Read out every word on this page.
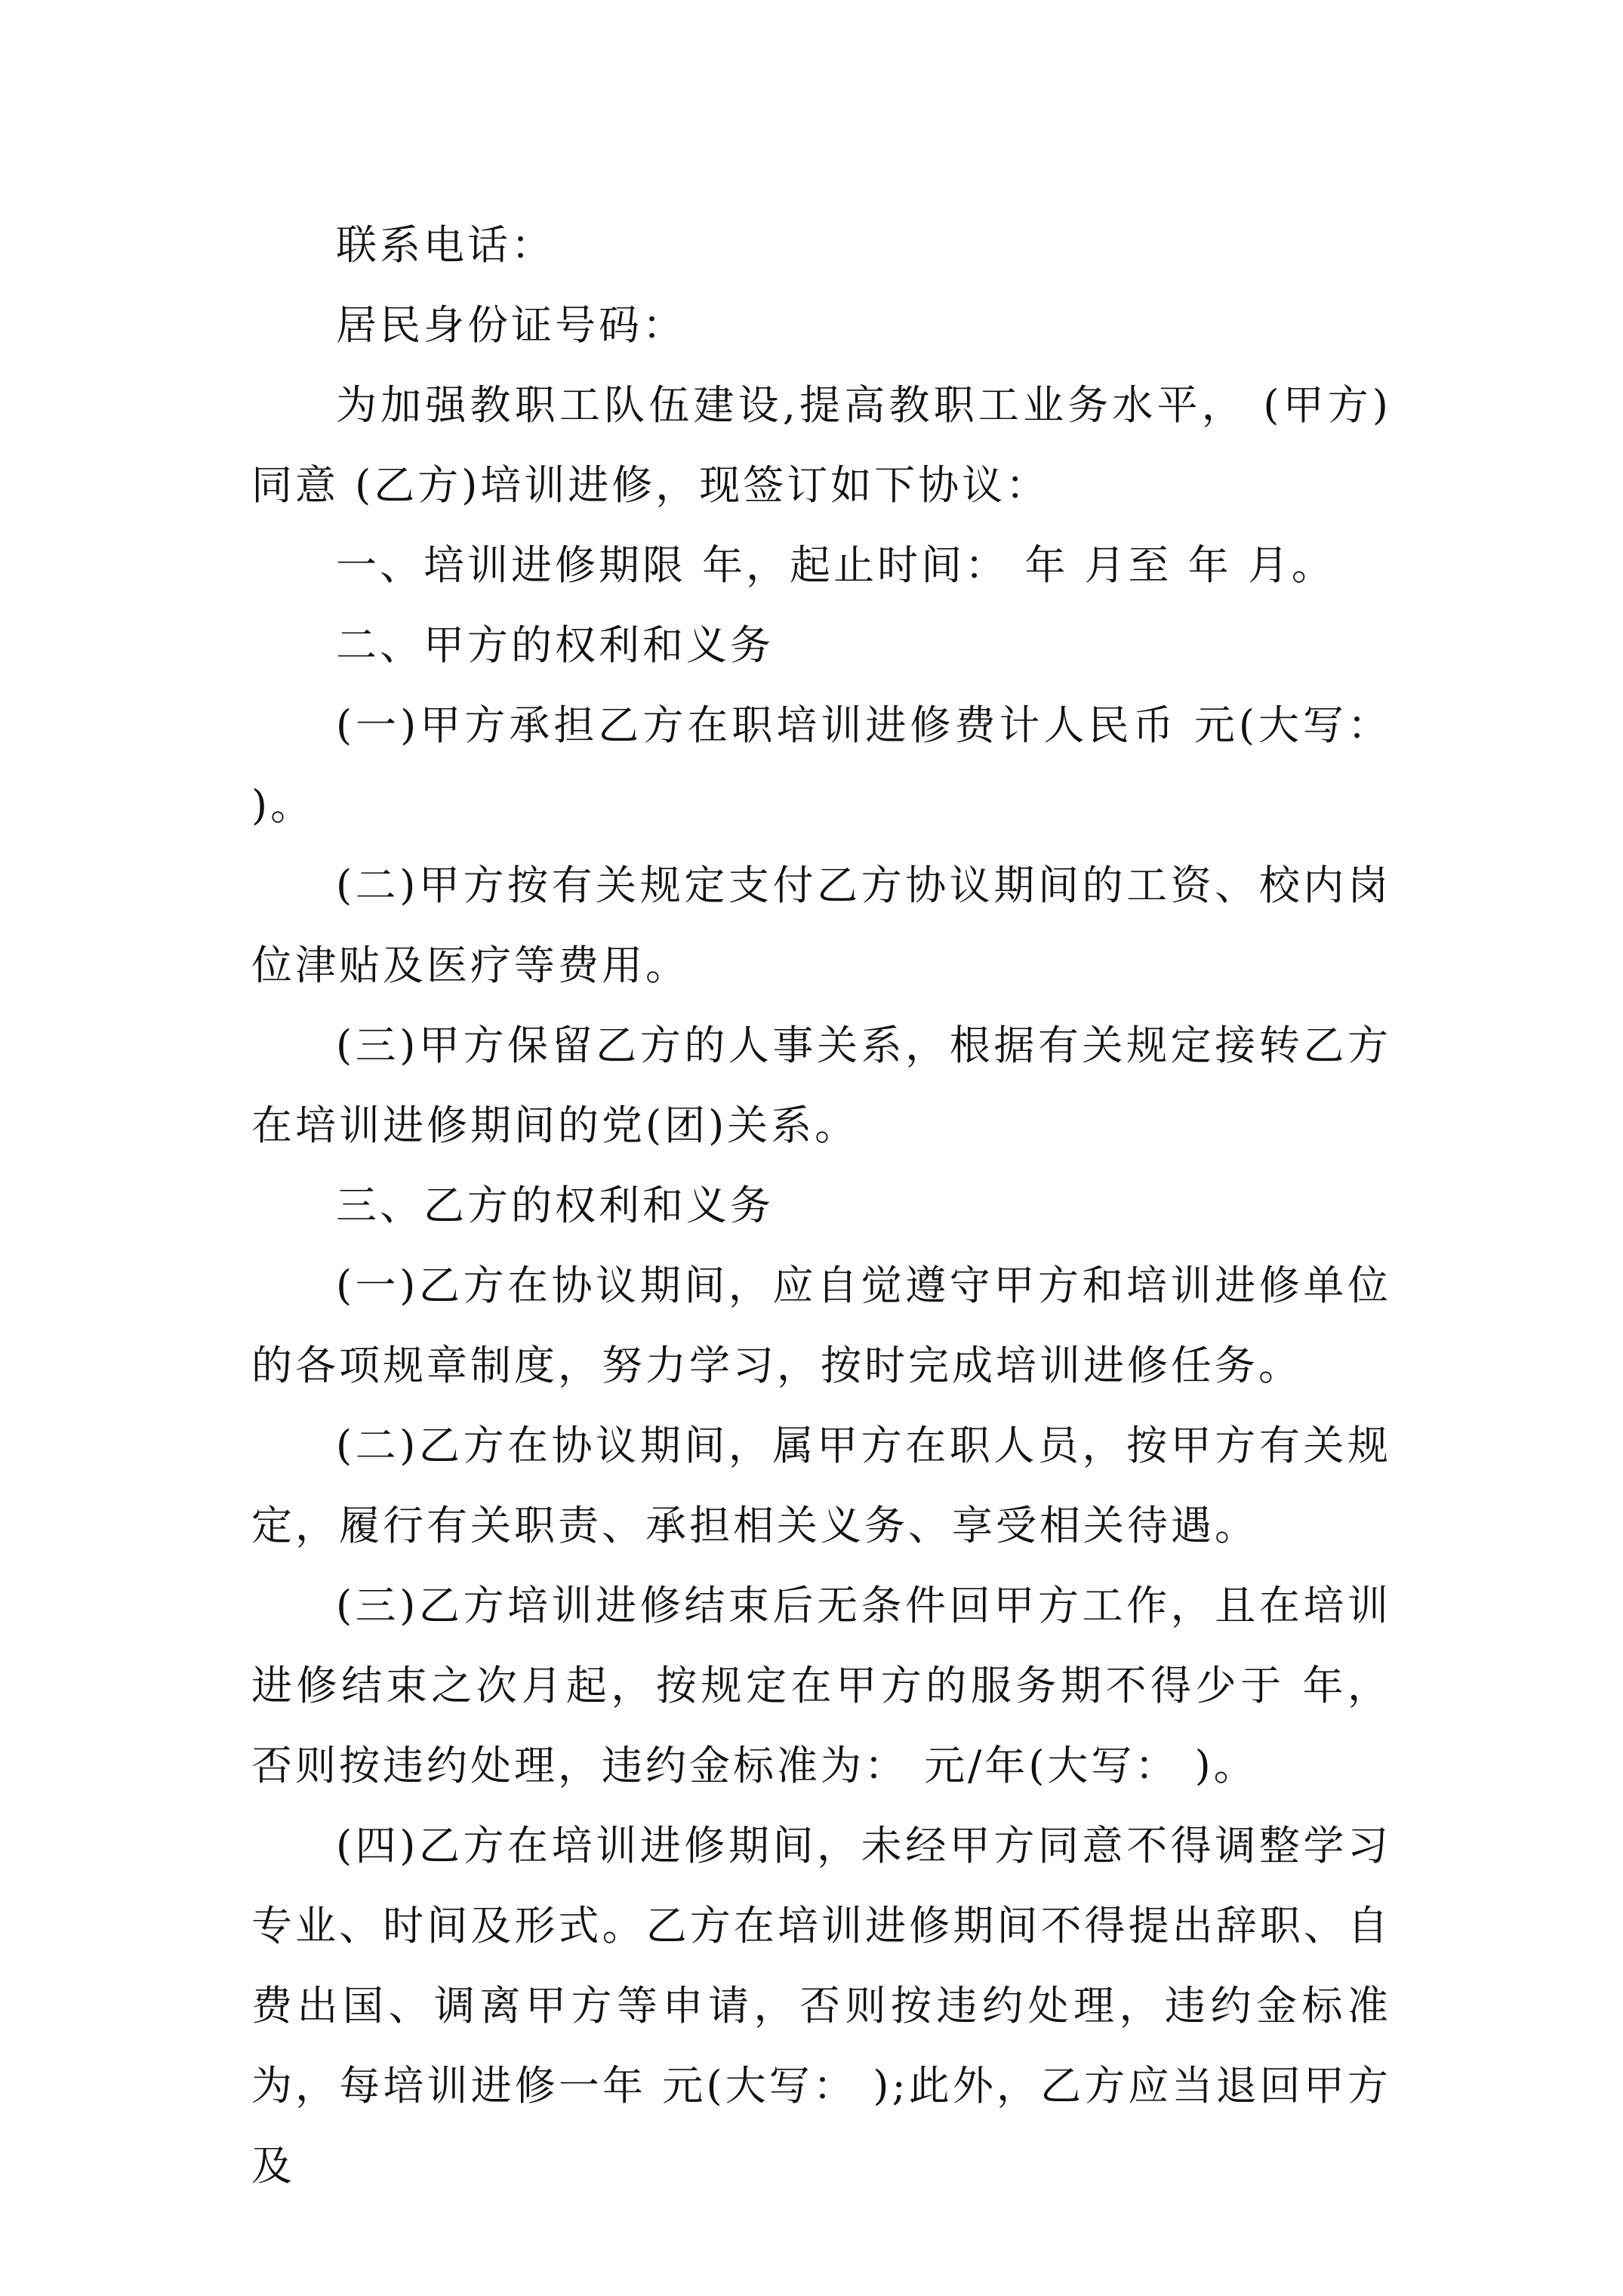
联系电话：

居民身份证号码：

为加强教职工队伍建设,提高教职工业务水平， (甲方)同意 (乙方)培训进修，现签订如下协议：

一、培训进修期限 年，起止时间： 年 月至 年 月。

二、甲方的权利和义务

(一)甲方承担乙方在职培训进修费计人民币 元(大写： )。

(二)甲方按有关规定支付乙方协议期间的工资、校内岗位津贴及医疗等费用。

(三)甲方保留乙方的人事关系，根据有关规定接转乙方在培训进修期间的党(团)关系。

三、乙方的权利和义务

(一)乙方在协议期间，应自觉遵守甲方和培训进修单位的各项规章制度，努力学习，按时完成培训进修任务。

(二)乙方在协议期间，属甲方在职人员，按甲方有关规定，履行有关职责、承担相关义务、享受相关待遇。

(三)乙方培训进修结束后无条件回甲方工作，且在培训进修结束之次月起，按规定在甲方的服务期不得少于 年，否则按违约处理，违约金标准为： 元/年(大写： )。

(四)乙方在培训进修期间，未经甲方同意不得调整学习专业、时间及形式。乙方在培训进修期间不得提出辞职、自费出国、调离甲方等申请，否则按违约处理，违约金标准为，每培训进修一年 元(大写： );此外，乙方应当退回甲方及
